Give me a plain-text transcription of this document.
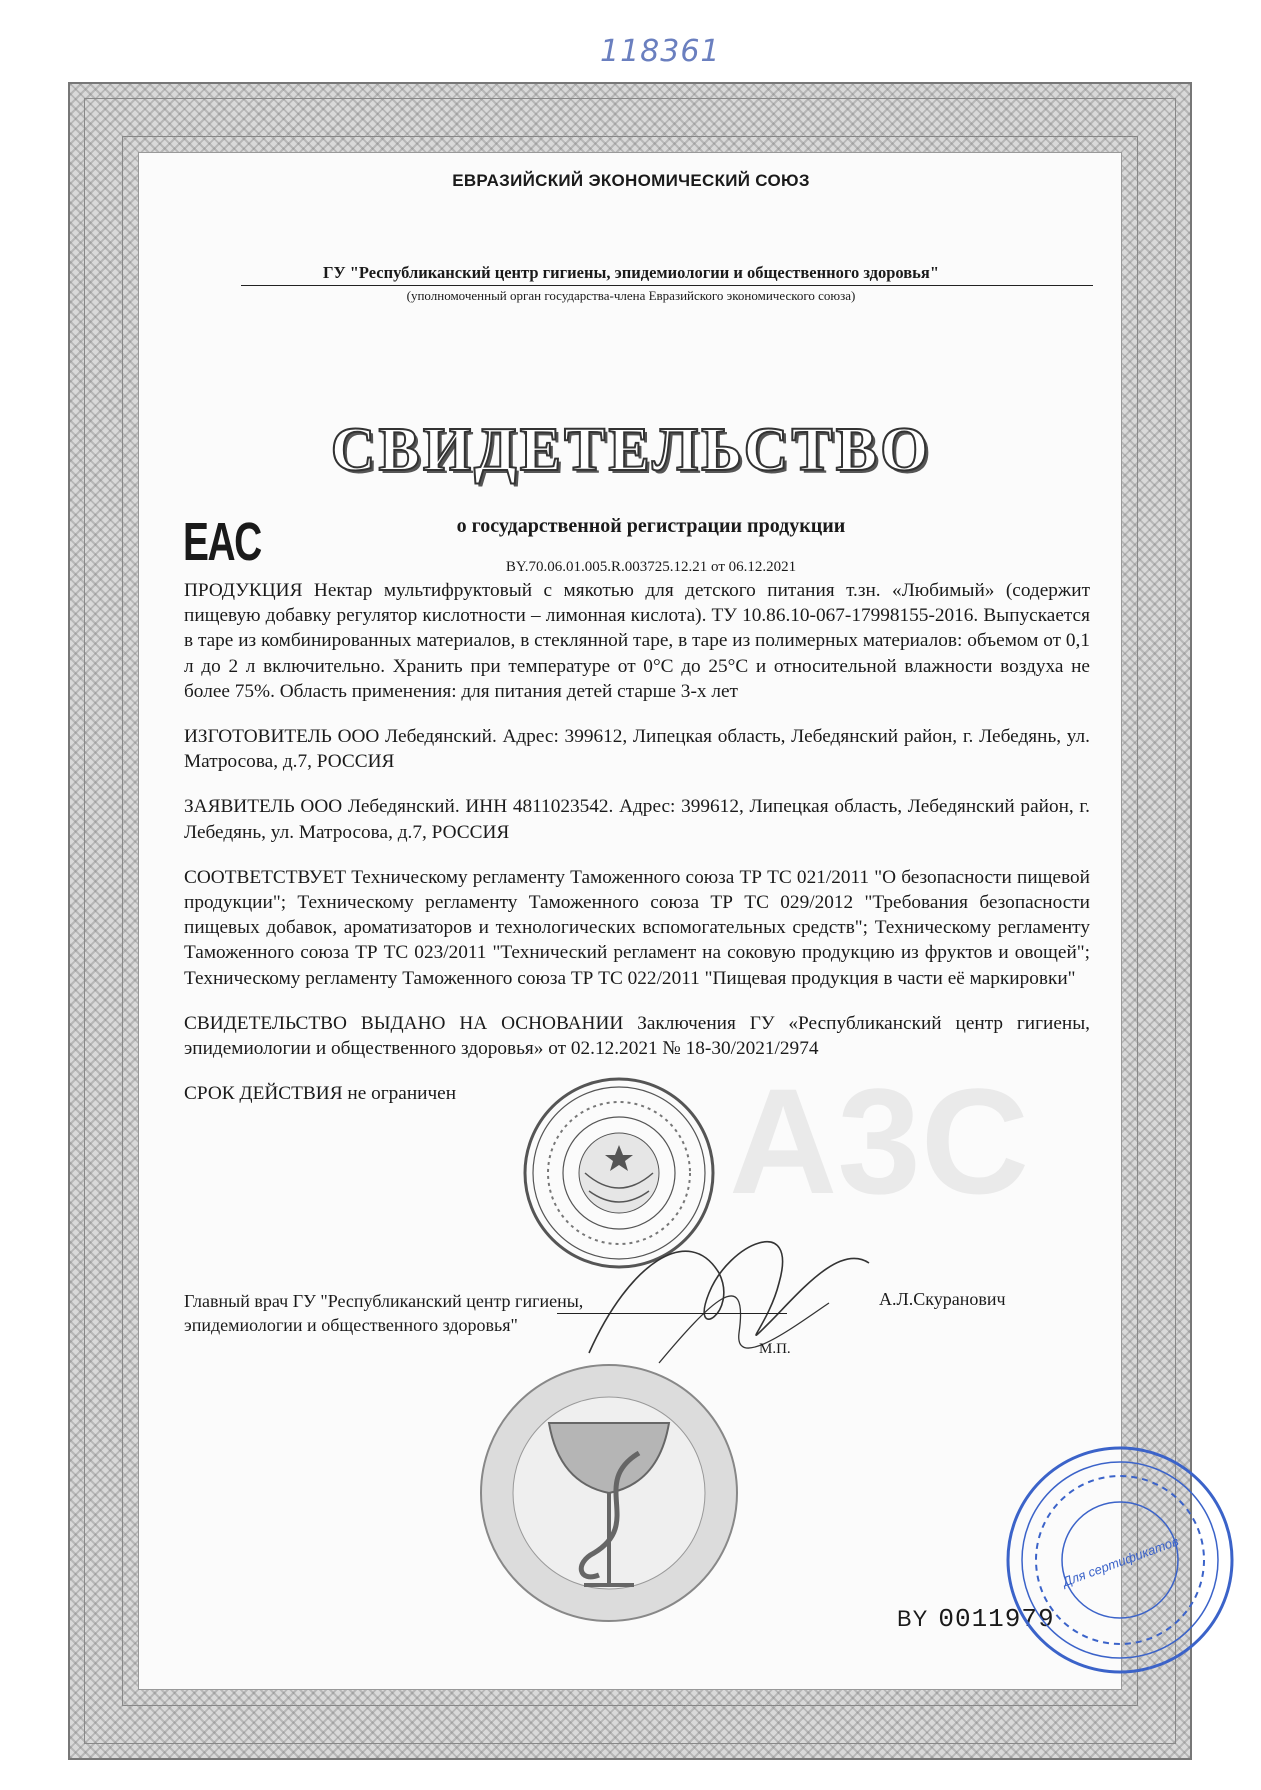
118361
ЕВРАЗИЙСКИЙ ЭКОНОМИЧЕСКИЙ СОЮЗ
ГУ "Республиканский центр гигиены, эпидемиологии и общественного здоровья"
(уполномоченный орган государства-члена Евразийского экономического союза)
СВИДЕТЕЛЬСТВО
EAC	о государственной регистрации продукции
BY.70.06.01.005.R.003725.12.21 от 06.12.2021

ПРОДУКЦИЯ Нектар мультифруктовый с мякотью для детского питания т.зн. «Любимый» (содержит пищевую добавку регулятор кислотности – лимонная кислота). ТУ 10.86.10-067-17998155-2016. Выпускается в таре из комбинированных материалов, в стеклянной таре, в таре из полимерных материалов: объемом от 0,1 л до 2 л включительно. Хранить при температуре от 0°С до 25°С и относительной влажности воздуха не более 75%. Область применения: для питания детей старше 3-х лет

ИЗГОТОВИТЕЛЬ ООО Лебедянский. Адрес: 399612, Липецкая область, Лебедянский район, г. Лебедянь, ул. Матросова, д.7, РОССИЯ

ЗАЯВИТЕЛЬ ООО Лебедянский. ИНН 4811023542. Адрес: 399612, Липецкая область, Лебедянский район, г. Лебедянь, ул. Матросова, д.7, РОССИЯ

СООТВЕТСТВУЕТ Техническому регламенту Таможенного союза ТР ТС 021/2011 "О безопасности пищевой продукции"; Техническому регламенту Таможенного союза ТР ТС 029/2012 "Требования безопасности пищевых добавок, ароматизаторов и технологических вспомогательных средств"; Техническому регламенту Таможенного союза ТР ТС 023/2011 "Технический регламент на соковую продукцию из фруктов и овощей"; Техническому регламенту Таможенного союза ТР ТС 022/2011 "Пищевая продукция в части её маркировки"

СВИДЕТЕЛЬСТВО ВЫДАНО НА ОСНОВАНИИ Заключения ГУ «Республиканский центр гигиены, эпидемиологии и общественного здоровья» от 02.12.2021 № 18-30/2021/2974

СРОК ДЕЙСТВИЯ не ограничен

Главный врач ГУ "Республиканский центр гигиены, эпидемиологии и общественного здоровья"
А.Л.Скуранович
М.П.
A3C
BY 0011979
Для сертификатов
